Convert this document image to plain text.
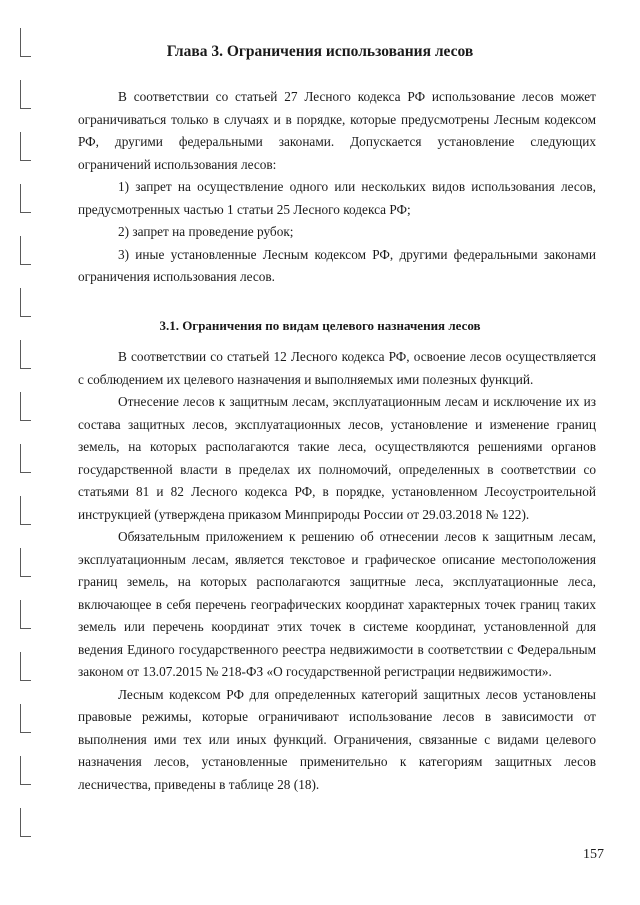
Глава 3. Ограничения использования лесов

В соответствии со статьей 27 Лесного кодекса РФ использование лесов может ограничиваться только в случаях и в порядке, которые предусмотрены Лесным кодексом РФ, другими федеральными законами. Допускается установление следующих ограничений использования лесов:

1) запрет на осуществление одного или нескольких видов использования лесов, предусмотренных частью 1 статьи 25 Лесного кодекса РФ;

2) запрет на проведение рубок;

3) иные установленные Лесным кодексом РФ, другими федеральными законами ограничения использования лесов.

3.1. Ограничения по видам целевого назначения лесов

В соответствии со статьей 12 Лесного кодекса РФ, освоение лесов осуществляется с соблюдением их целевого назначения и выполняемых ими полезных функций.

Отнесение лесов к защитным лесам, эксплуатационным лесам и исключение их из состава защитных лесов, эксплуатационных лесов, установление и изменение границ земель, на которых располагаются такие леса, осуществляются решениями органов государственной власти в пределах их полномочий, определенных в соответствии со статьями 81 и 82 Лесного кодекса РФ, в порядке, установленном Лесоустроительной инструкцией (утверждена приказом Минприроды России от 29.03.2018 № 122).

Обязательным приложением к решению об отнесении лесов к защитным лесам, эксплуатационным лесам, является текстовое и графическое описание местоположения границ земель, на которых располагаются защитные леса, эксплуатационные леса, включающее в себя перечень географических координат характерных точек границ таких земель или перечень координат этих точек в системе координат, установленной для ведения Единого государственного реестра недвижимости в соответствии с Федеральным законом от 13.07.2015 № 218-ФЗ «О государственной регистрации недвижимости».

Лесным кодексом РФ для определенных категорий защитных лесов установлены правовые режимы, которые ограничивают использование лесов в зависимости от выполнения ими тех или иных функций. Ограничения, связанные с видами целевого назначения лесов, установленные применительно к категориям защитных лесов лесничества, приведены в таблице 28 (18).

157
